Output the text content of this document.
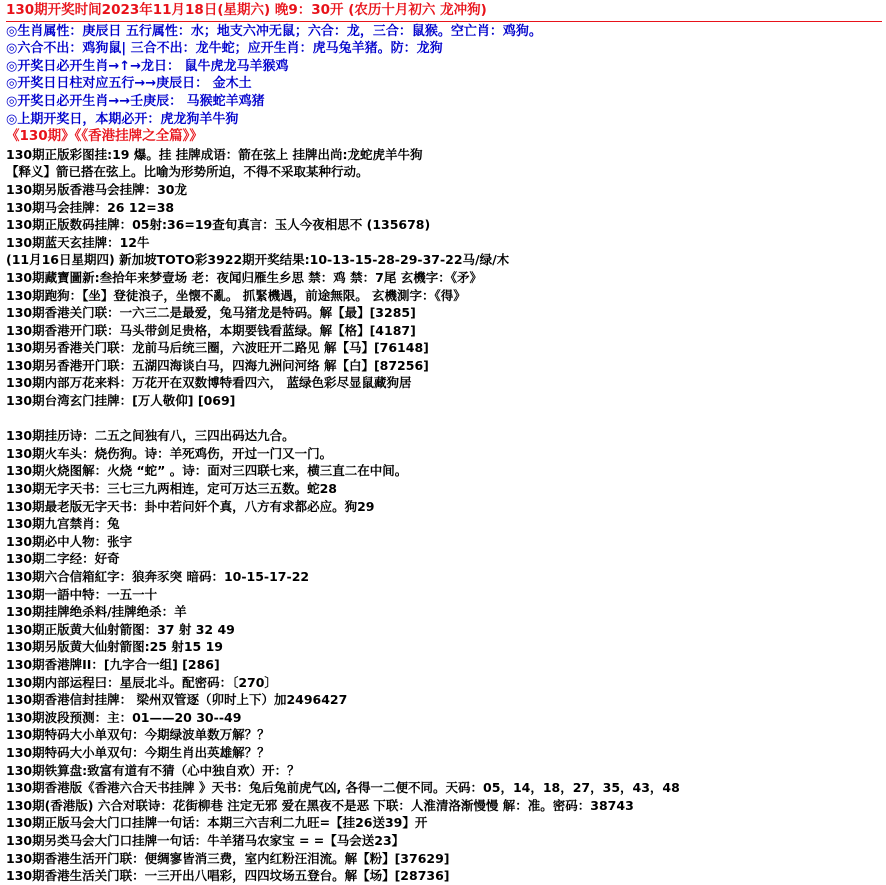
130期开奖时间2023年11月18日(星期六) 晚9：30开 (农历十月初六 龙冲狗)
◎生肖属性：庚辰日 五行属性：水；地支六冲无鼠；六合：龙，三合：鼠猴。空亡肖：鸡狗。
◎六合不出：鸡狗鼠| 三合不出：龙牛蛇；应开生肖：虎马兔羊猪。防：龙狗
◎开奖日必开生肖→↑→龙日： 鼠牛虎龙马羊猴鸡
◎开奖日日柱对应五行→→庚辰日： 金木土
◎开奖日必开生肖→→壬庚辰： 马猴蛇羊鸡猪
◎上期开奖日，本期必开：虎龙狗羊牛狗
《130期》《《香港挂牌之全篇》》
130期正版彩图挂:19 爆。挂 挂牌成语：箭在弦上 挂牌出尚:龙蛇虎羊牛狗
【释义】箭已搭在弦上。比喻为形势所迫，不得不采取某种行动。
130期另版香港马会挂牌：30龙
130期马会挂牌：26 12=38
130期正版数码挂牌：05射:36=19查旬真言：玉人今夜相思不 (135678)
130期蓝天玄挂牌：12牛
(11月16日星期四) 新加坡TOTO彩3922期开奖结果:10-13-15-28-29-37-22马/绿/木
130期藏寶圖新:叁拾年来梦壹场 老：夜闻归雁生乡思 禁：鸡 禁：7尾 玄機字：《矛》
130期跑狗：【坐】登徒浪子，坐懐不亂。 抓緊機遇，前途無限。 玄機測字：《得》
130期香港关门联：一六三二是最爱，兔马猪龙是特码。解【最】[3285]
130期香港开门联：马头带剑足贵格，本期要钱看蓝绿。解【格】[4187]
130期另香港关门联：龙前马后统三圈，六波旺开二路见 解【马】[76148]
130期另香港开门联：五湖四海谈白马，四海九洲问河络 解【白】[87256]
130期内部万花来料：万花开在双数博特看四六， 蓝绿色彩尽显鼠藏狗居
130期台湾玄门挂牌：[万人敬仰] [069]

130期挂历诗：二五之间独有八，三四出码达九合。
130期火车头：烧伤狗。诗：羊死鸡伤，开过一门又一门。
130期火烧图解：火烧 “蛇” 。诗：面对三四联七来，横三直二在中间。
130期无字天书：三七三九两相连，定可万达三五数。蛇28
130期最老版无字天书：卦中若问奸个真，八方有求都必应。狗29
130期九宫禁肖：兔
130期必中人物：张宇
130期二字经：好奇
130期六合信箱紅字：狼奔豕突 暗码：10-15-17-22
130期一語中特：一五一十
130期挂牌绝杀料/挂牌绝杀：羊
130期正版黄大仙射箭图：37 射 32 49
130期另版黄大仙射箭图:25 射15 19
130期香港牌ⅠⅠ：[九字合一组] [286]
130期内部运程曰：星辰北斗。配密码：〔270〕
130期香港信封挂牌： 梁州双管逐（卯时上下）加2496427
130期波段预测：主：01——20 30--49
130期特码大小单双句：今期绿波单数万解？？
130期特码大小单双句：今期生肖出英雄解？？
130期铁算盘:致富有道有不猜（心中独自欢）开：？
130期香港版《香港六合天书挂牌 》天书：兔后兔前虎气凶, 各得一二便不同。天码：05，14，18，27，35，43，48
130期(香港版) 六合对联诗：花街柳巷 注定无邪 爱在黑夜不是恶 下联：人淮清洛渐慢慢 解：准。密码：38743
130期正版马会大门口挂牌一句话：本期三六吉利二九旺=【挂26送39】开
130期另类马会大门口挂牌一句话：牛羊猪马农家宝 = =【马会送23】
130期香港生活开门联：便绸寥皆消三费，室内红粉汪泪流。解【粉】[37629]
130期香港生活关门联：一三开出八唱彩，四四坟场五登台。解【场】[28736]
